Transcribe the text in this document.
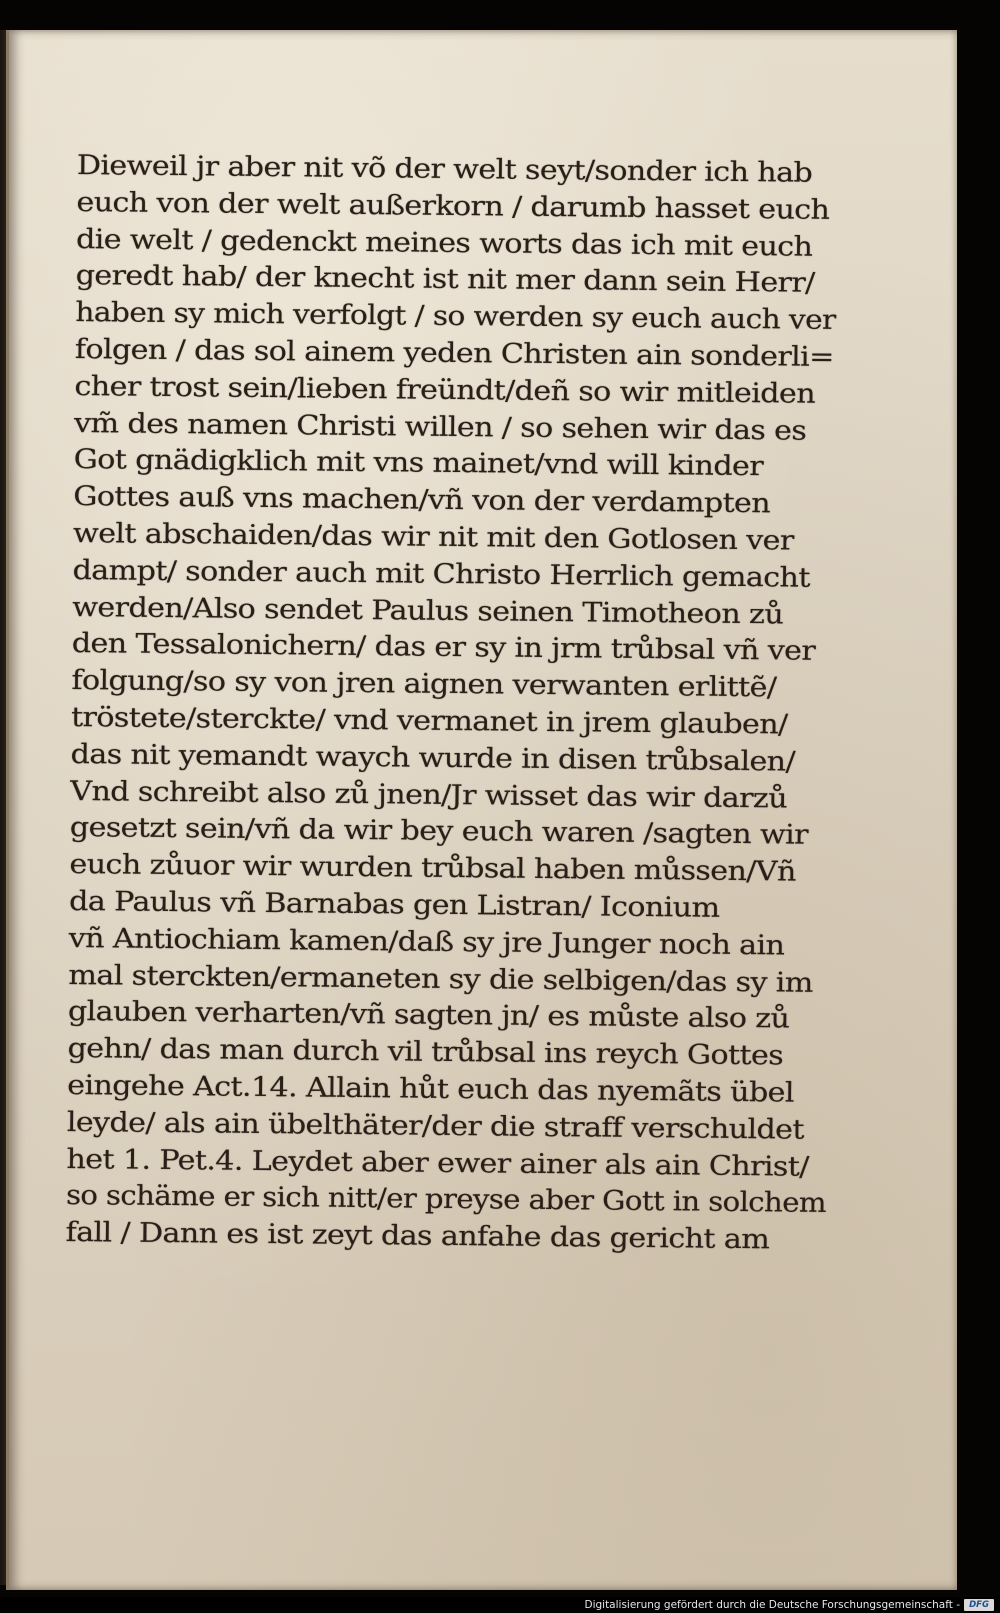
Dieweil jr aber nit võ der welt seyt/sonder ich hab
euch von der welt außerkorn / darumb hasset euch
die welt / gedenckt meines worts das ich mit euch
geredt hab/ der knecht ist nit mer dann sein Herr/
haben sy mich verfolgt / so werden sy euch auch ver
folgen / das sol ainem yeden Christen ain sonderli=
cher trost sein/lieben freündt/deñ so wir mitleiden
vm̃ des namen Christi willen / so sehen wir das es
Got gnädigklich mit vns mainet/vnd will kinder
Gottes auß vns machen/vñ von der verdampten
welt abschaiden/das wir nit mit den Gotlosen ver
dampt/ sonder auch mit Christo Herrlich gemacht
werden/Also sendet Paulus seinen Timotheon zů
den Tessalonichern/ das er sy in jrm trůbsal vñ ver
folgung/so sy von jren aignen verwanten erlittẽ/
tröstete/sterckte/ vnd vermanet in jrem glauben/
das nit yemandt waych wurde in disen trůbsalen/
Vnd schreibt also zů jnen/Jr wisset das wir darzů
gesetzt sein/vñ da wir bey euch waren /sagten wir
euch zůuor wir wurden trůbsal haben můssen/Vñ
da Paulus vñ Barnabas gen Listran/ Iconium
vñ Antiochiam kamen/daß sy jre Junger noch ain
mal sterckten/ermaneten sy die selbigen/das sy im
glauben verharten/vñ sagten jn/ es můste also zů
gehn/ das man durch vil trůbsal ins reych Gottes
eingehe Act.14. Allain hůt euch das nyemãts übel
leyde/ als ain übelthäter/der die straff verschuldet
het 1. Pet.4. Leydet aber ewer ainer als ain Christ/
so schäme er sich nitt/er preyse aber Gott in solchem
fall / Dann es ist zeyt das anfahe das gericht am
Digitalisierung gefördert durch die Deutsche Forschungsgemeinschaft -	DFG
